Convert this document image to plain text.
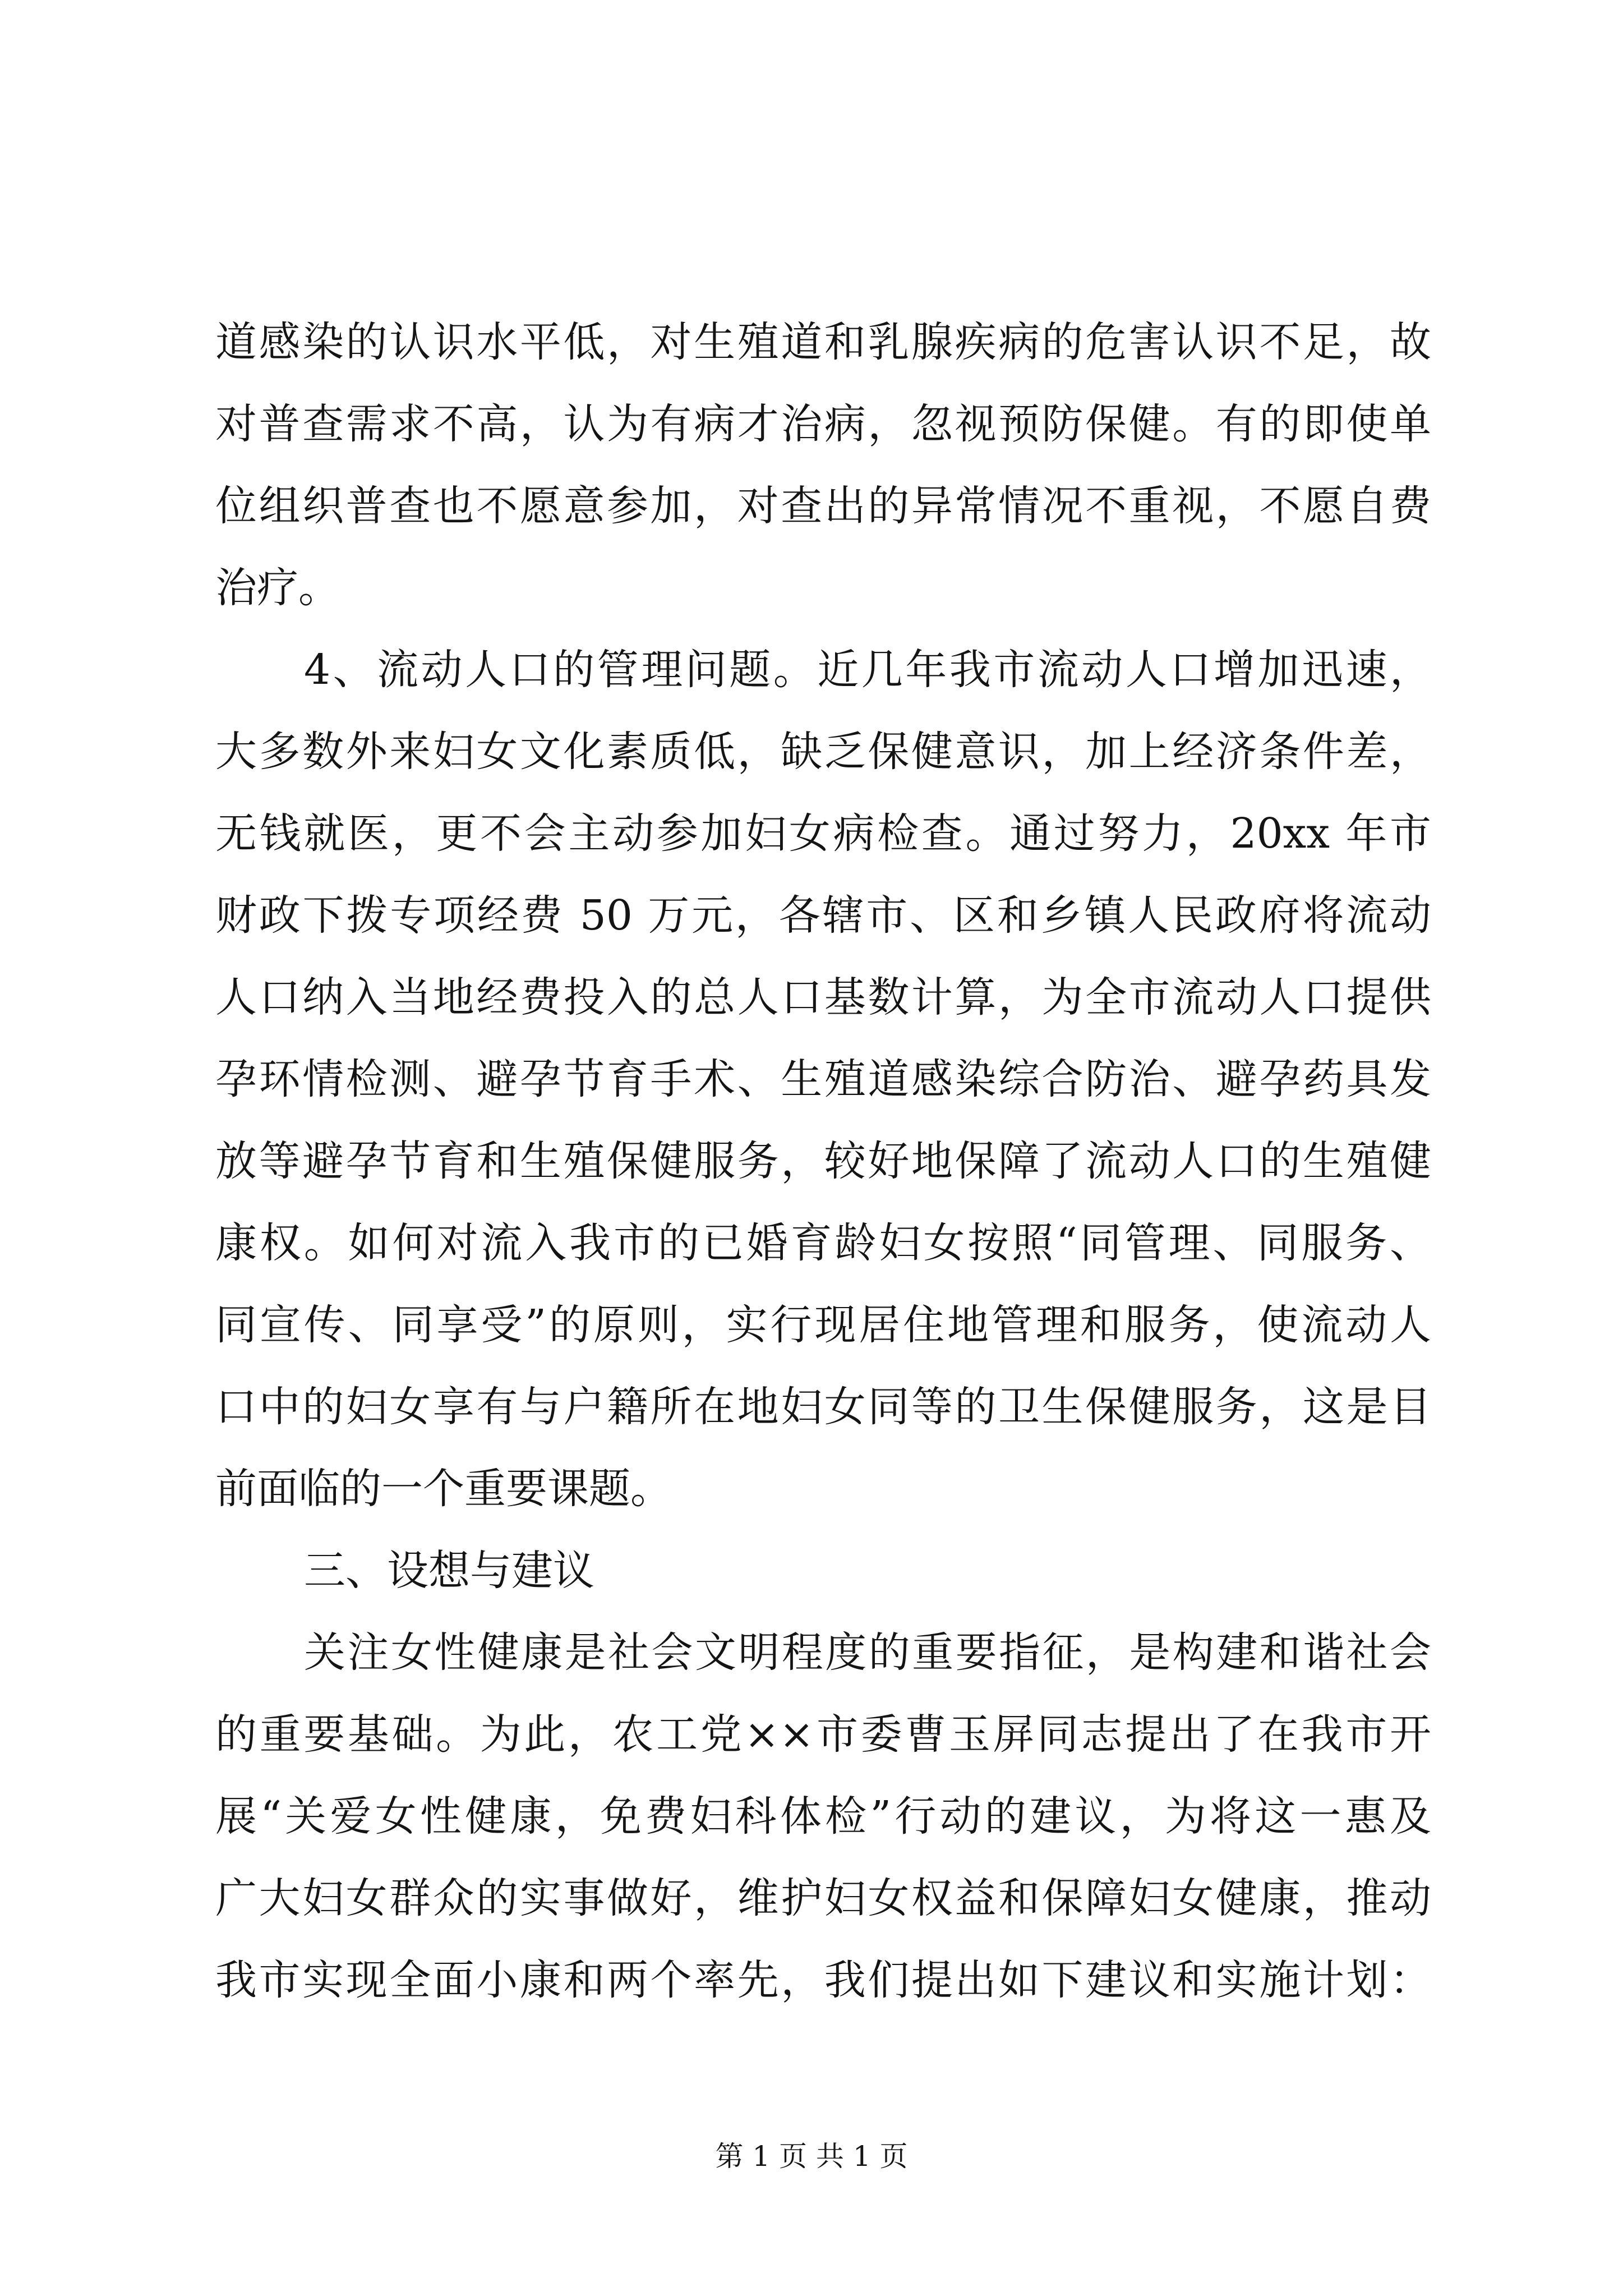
道感染的认识水平低，对生殖道和乳腺疾病的危害认识不足，故
对普查需求不高，认为有病才治病，忽视预防保健。有的即使单
位组织普查也不愿意参加，对查出的异常情况不重视，不愿自费
治疗。
4、流动人口的管理问题。近几年我市流动人口增加迅速，
大多数外来妇女文化素质低，缺乏保健意识，加上经济条件差，
无钱就医，更不会主动参加妇女病检查。通过努力，20xx 年市
财政下拨专项经费 50 万元，各辖市、区和乡镇人民政府将流动
人口纳入当地经费投入的总人口基数计算，为全市流动人口提供
孕环情检测、避孕节育手术、生殖道感染综合防治、避孕药具发
放等避孕节育和生殖保健服务，较好地保障了流动人口的生殖健
康权。如何对流入我市的已婚育龄妇女按照“同管理、同服务、
同宣传、同享受”的原则，实行现居住地管理和服务，使流动人
口中的妇女享有与户籍所在地妇女同等的卫生保健服务，这是目
前面临的一个重要课题。
三、设想与建议
关注女性健康是社会文明程度的重要指征，是构建和谐社会
的重要基础。为此，农工党××市委曹玉屏同志提出了在我市开
展“关爱女性健康，免费妇科体检”行动的建议，为将这一惠及
广大妇女群众的实事做好，维护妇女权益和保障妇女健康，推动
我市实现全面小康和两个率先，我们提出如下建议和实施计划：
第 1 页 共 1 页
